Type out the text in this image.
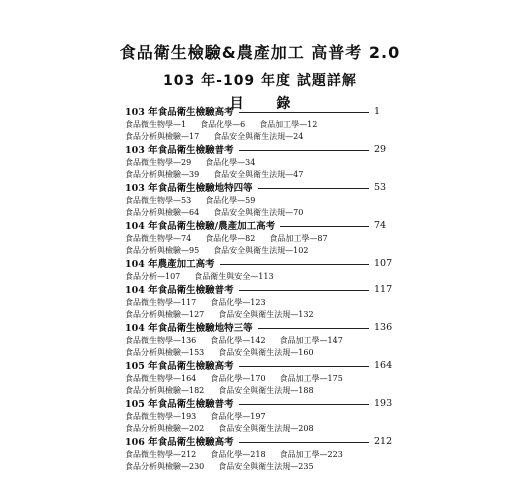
食品衛生檢驗&農產加工 高普考 2.0
103 年-109 年度 試題詳解
目 錄
103 年食品衛生檢驗高考	1
食品微生物學—1 食品化學—6 食品加工學—12
食品分析與檢驗—17 食品安全與衛生法規—24
103 年食品衛生檢驗普考	29
食品微生物學—29 食品化學—34
食品分析與檢驗—39 食品安全與衛生法規—47
103 年食品衛生檢驗地特四等	53
食品微生物學—53 食品化學—59
食品分析與檢驗—64 食品安全與衛生法規—70
104 年食品衛生檢驗/農產加工高考	74
食品微生物學—74 食品化學—82 食品加工學—87
食品分析與檢驗—95 食品安全與衛生法規—102
104 年農產加工高考	107
食品分析—107 食品衛生與安全—113
104 年食品衛生檢驗普考	117
食品微生物學—117 食品化學—123
食品分析與檢驗—127 食品安全與衛生法規—132
104 年食品衛生檢驗地特三等	136
食品微生物學—136 食品化學—142 食品加工學—147
食品分析與檢驗—153 食品安全與衛生法規—160
105 年食品衛生檢驗高考	164
食品微生物學—164 食品化學—170 食品加工學—175
食品分析與檢驗—182 食品安全與衛生法規—188
105 年食品衛生檢驗普考	193
食品微生物學—193 食品化學—197
食品分析與檢驗—202 食品安全與衛生法規—208
106 年食品衛生檢驗高考	212
食品微生物學—212 食品化學—218 食品加工學—223
食品分析與檢驗—230 食品安全與衛生法規—235
